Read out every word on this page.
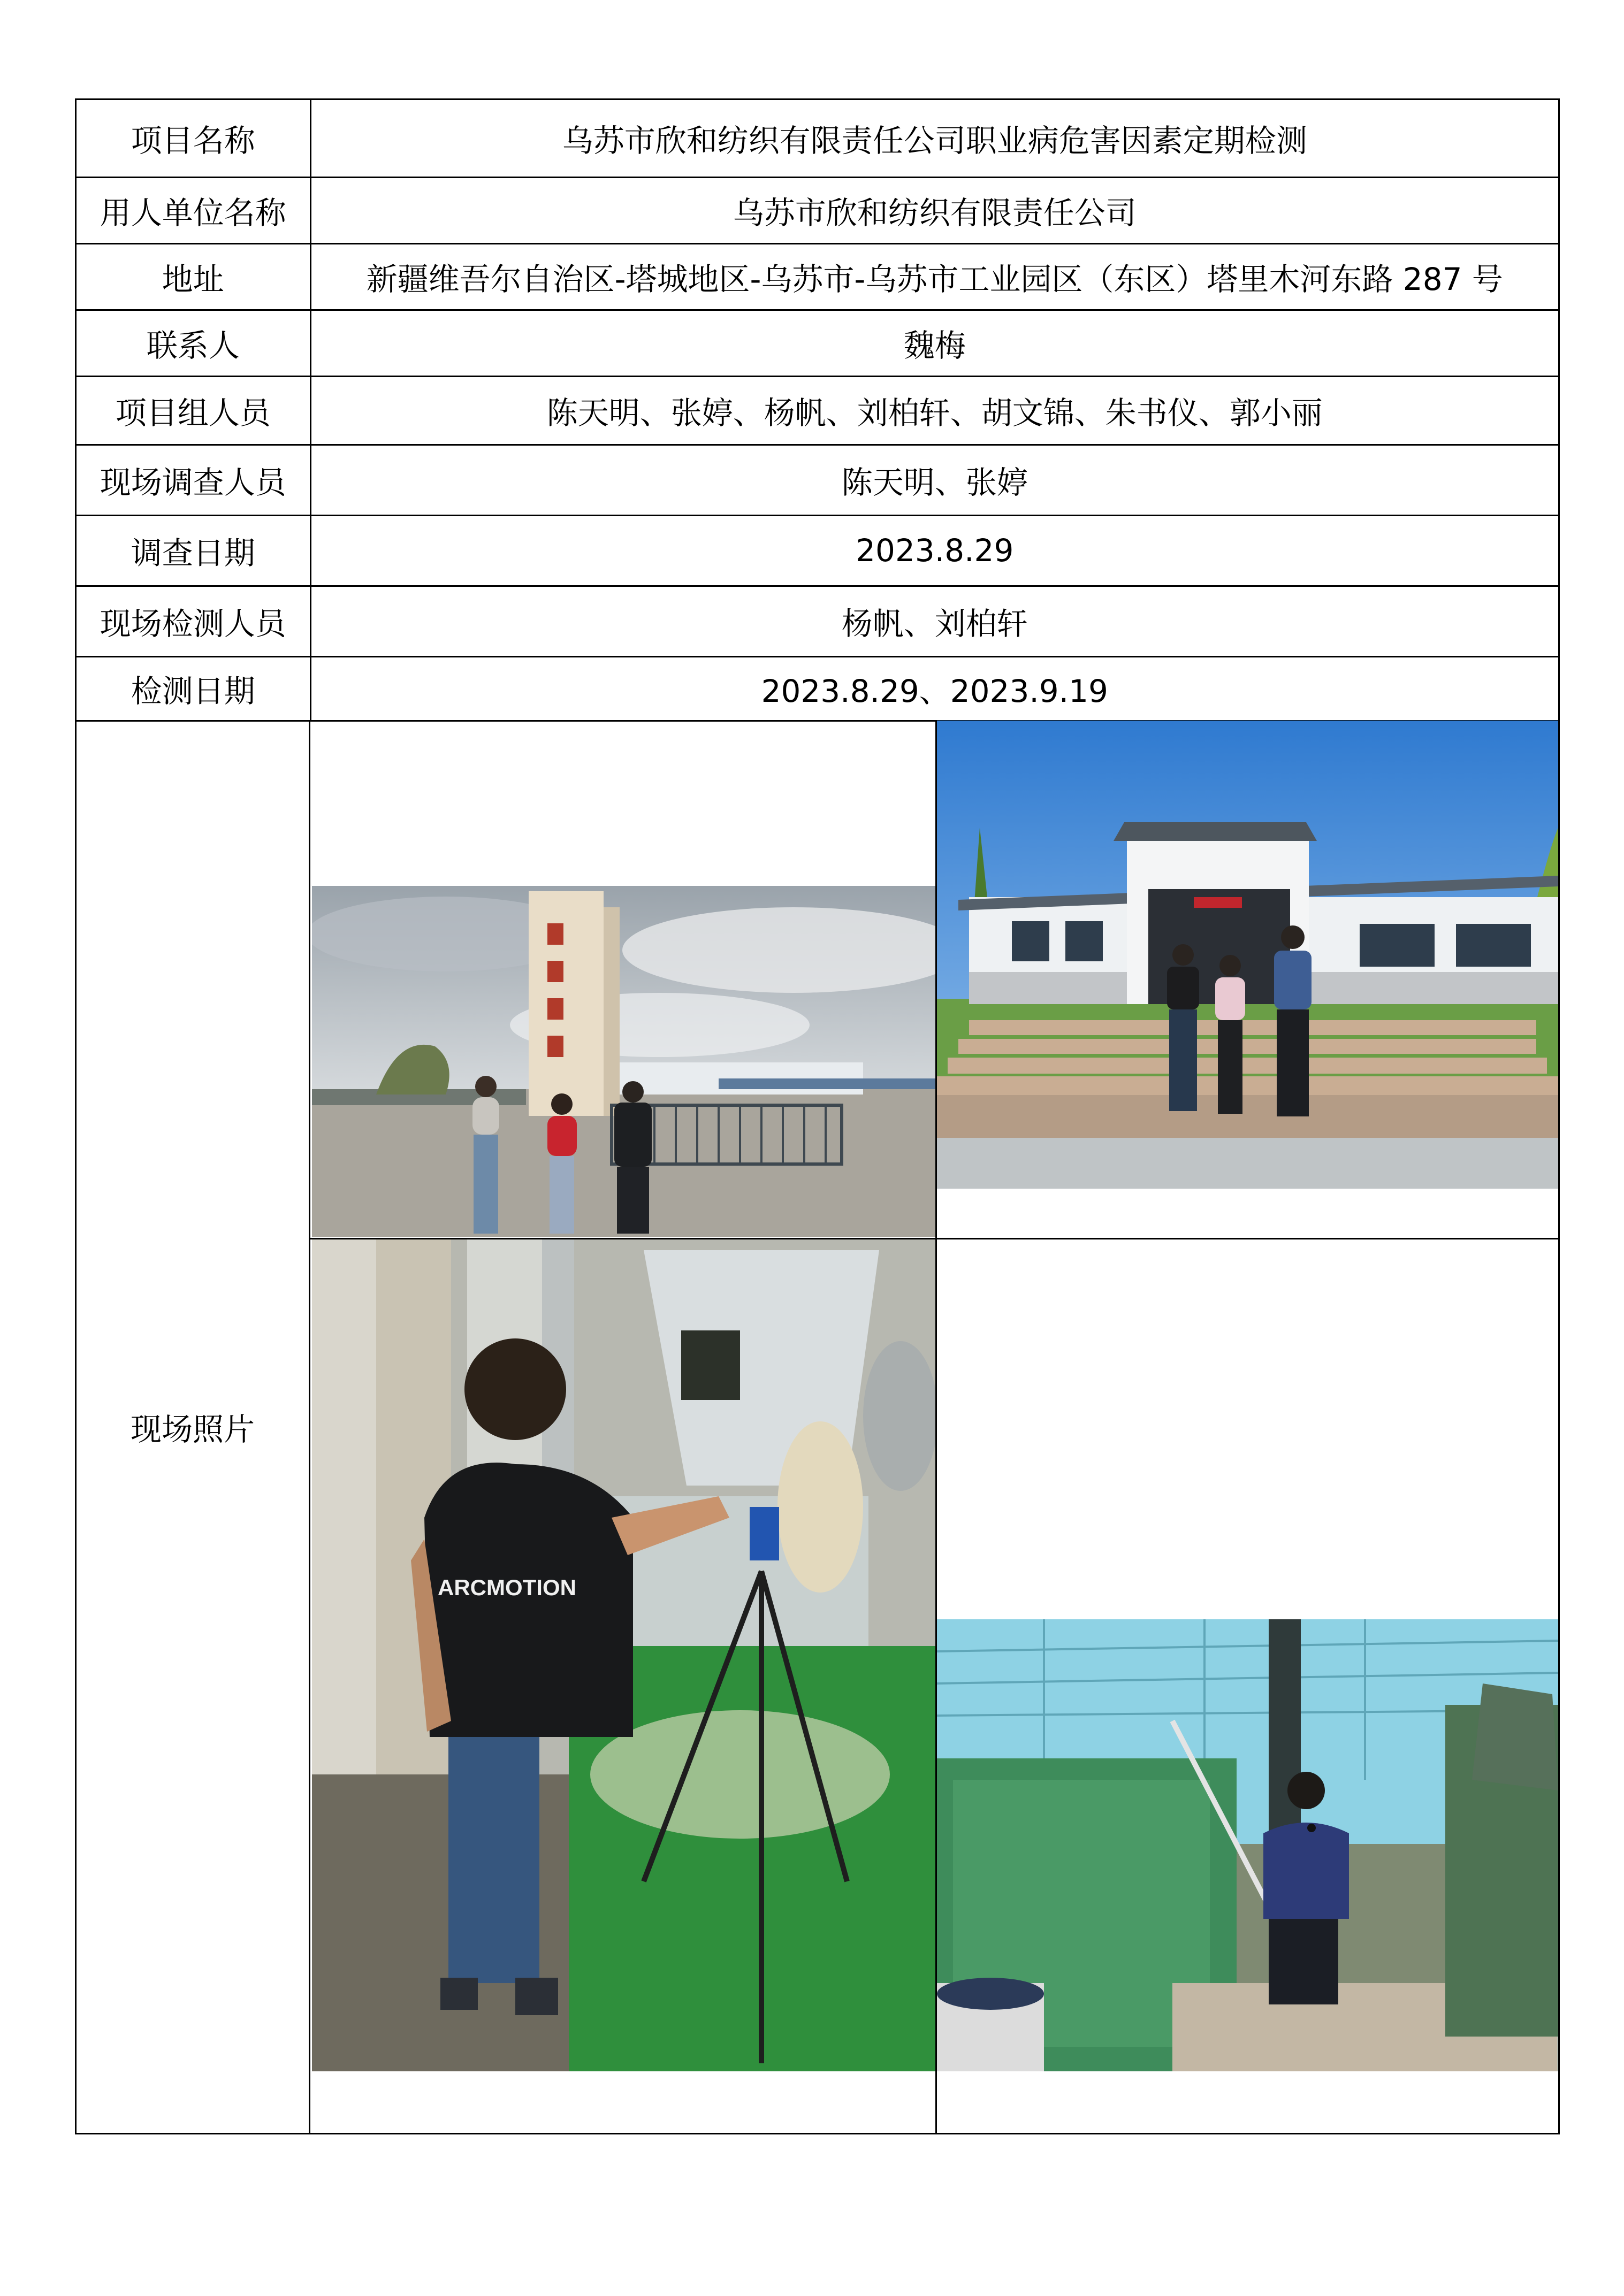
项目名称	乌苏市欣和纺织有限责任公司职业病危害因素定期检测
用人单位名称	乌苏市欣和纺织有限责任公司
地址	新疆维吾尔自治区-塔城地区-乌苏市-乌苏市工业园区（东区）塔里木河东路 287 号
联系人	魏梅
项目组人员	陈天明、张婷、杨帆、刘柏轩、胡文锦、朱书仪、郭小丽
现场调查人员	陈天明、张婷
调查日期	2023.8.29
现场检测人员	杨帆、刘柏轩
检测日期	2023.8.29、2023.9.19
现场照片
ARCMOTION
